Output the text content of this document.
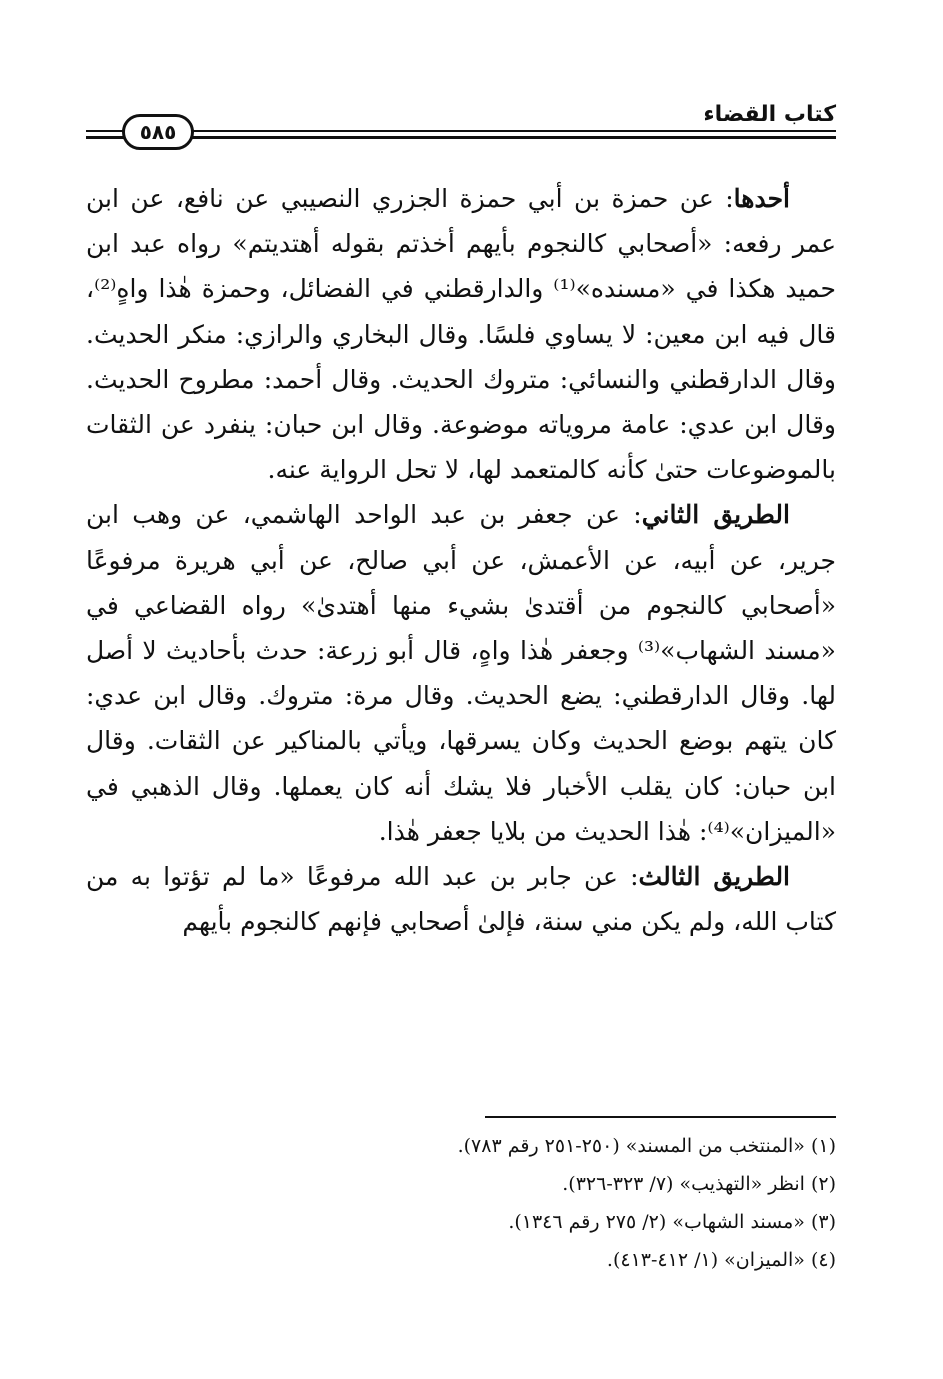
كتاب القضاء
٥٨٥

أحدها: عن حمزة بن أبي حمزة الجزري النصيبي عن نافع، عن ابن عمر رفعه: «أصحابي كالنجوم بأيهم أخذتم بقوله أهتديتم» رواه عبد ابن حميد هكذا في «مسنده»⁽¹⁾ والدارقطني في الفضائل، وحمزة هٰذا واهٍ⁽²⁾، قال فيه ابن معين: لا يساوي فلسًا. وقال البخاري والرازي: منكر الحديث. وقال الدارقطني والنسائي: متروك الحديث. وقال أحمد: مطروح الحديث. وقال ابن عدي: عامة مروياته موضوعة. وقال ابن حبان: ينفرد عن الثقات بالموضوعات حتىٰ كأنه كالمتعمد لها، لا تحل الرواية عنه.

الطريق الثاني: عن جعفر بن عبد الواحد الهاشمي، عن وهب ابن جرير، عن أبيه، عن الأعمش، عن أبي صالح، عن أبي هريرة مرفوعًا «أصحابي كالنجوم من أقتدىٰ بشيء منها أهتدىٰ» رواه القضاعي في «مسند الشهاب»⁽³⁾ وجعفر هٰذا واهٍ، قال أبو زرعة: حدث بأحاديث لا أصل لها. وقال الدارقطني: يضع الحديث. وقال مرة: متروك. وقال ابن عدي: كان يتهم بوضع الحديث وكان يسرقها، ويأتي بالمناكير عن الثقات. وقال ابن حبان: كان يقلب الأخبار فلا يشك أنه كان يعملها. وقال الذهبي في «الميزان»⁽⁴⁾: هٰذا الحديث من بلايا جعفر هٰذا.

الطريق الثالث: عن جابر بن عبد الله مرفوعًا «ما لم تؤتوا به من كتاب الله، ولم يكن مني سنة، فإلىٰ أصحابي فإنهم كالنجوم بأيهم

(١) «المنتخب من المسند» (٢٥٠-٢٥١ رقم ٧٨٣).

(٢) انظر «التهذيب» (٧/ ٣٢٣-٣٢٦).

(٣) «مسند الشهاب» (٢/ ٢٧٥ رقم ١٣٤٦).

(٤) «الميزان» (١/ ٤١٢-٤١٣).
